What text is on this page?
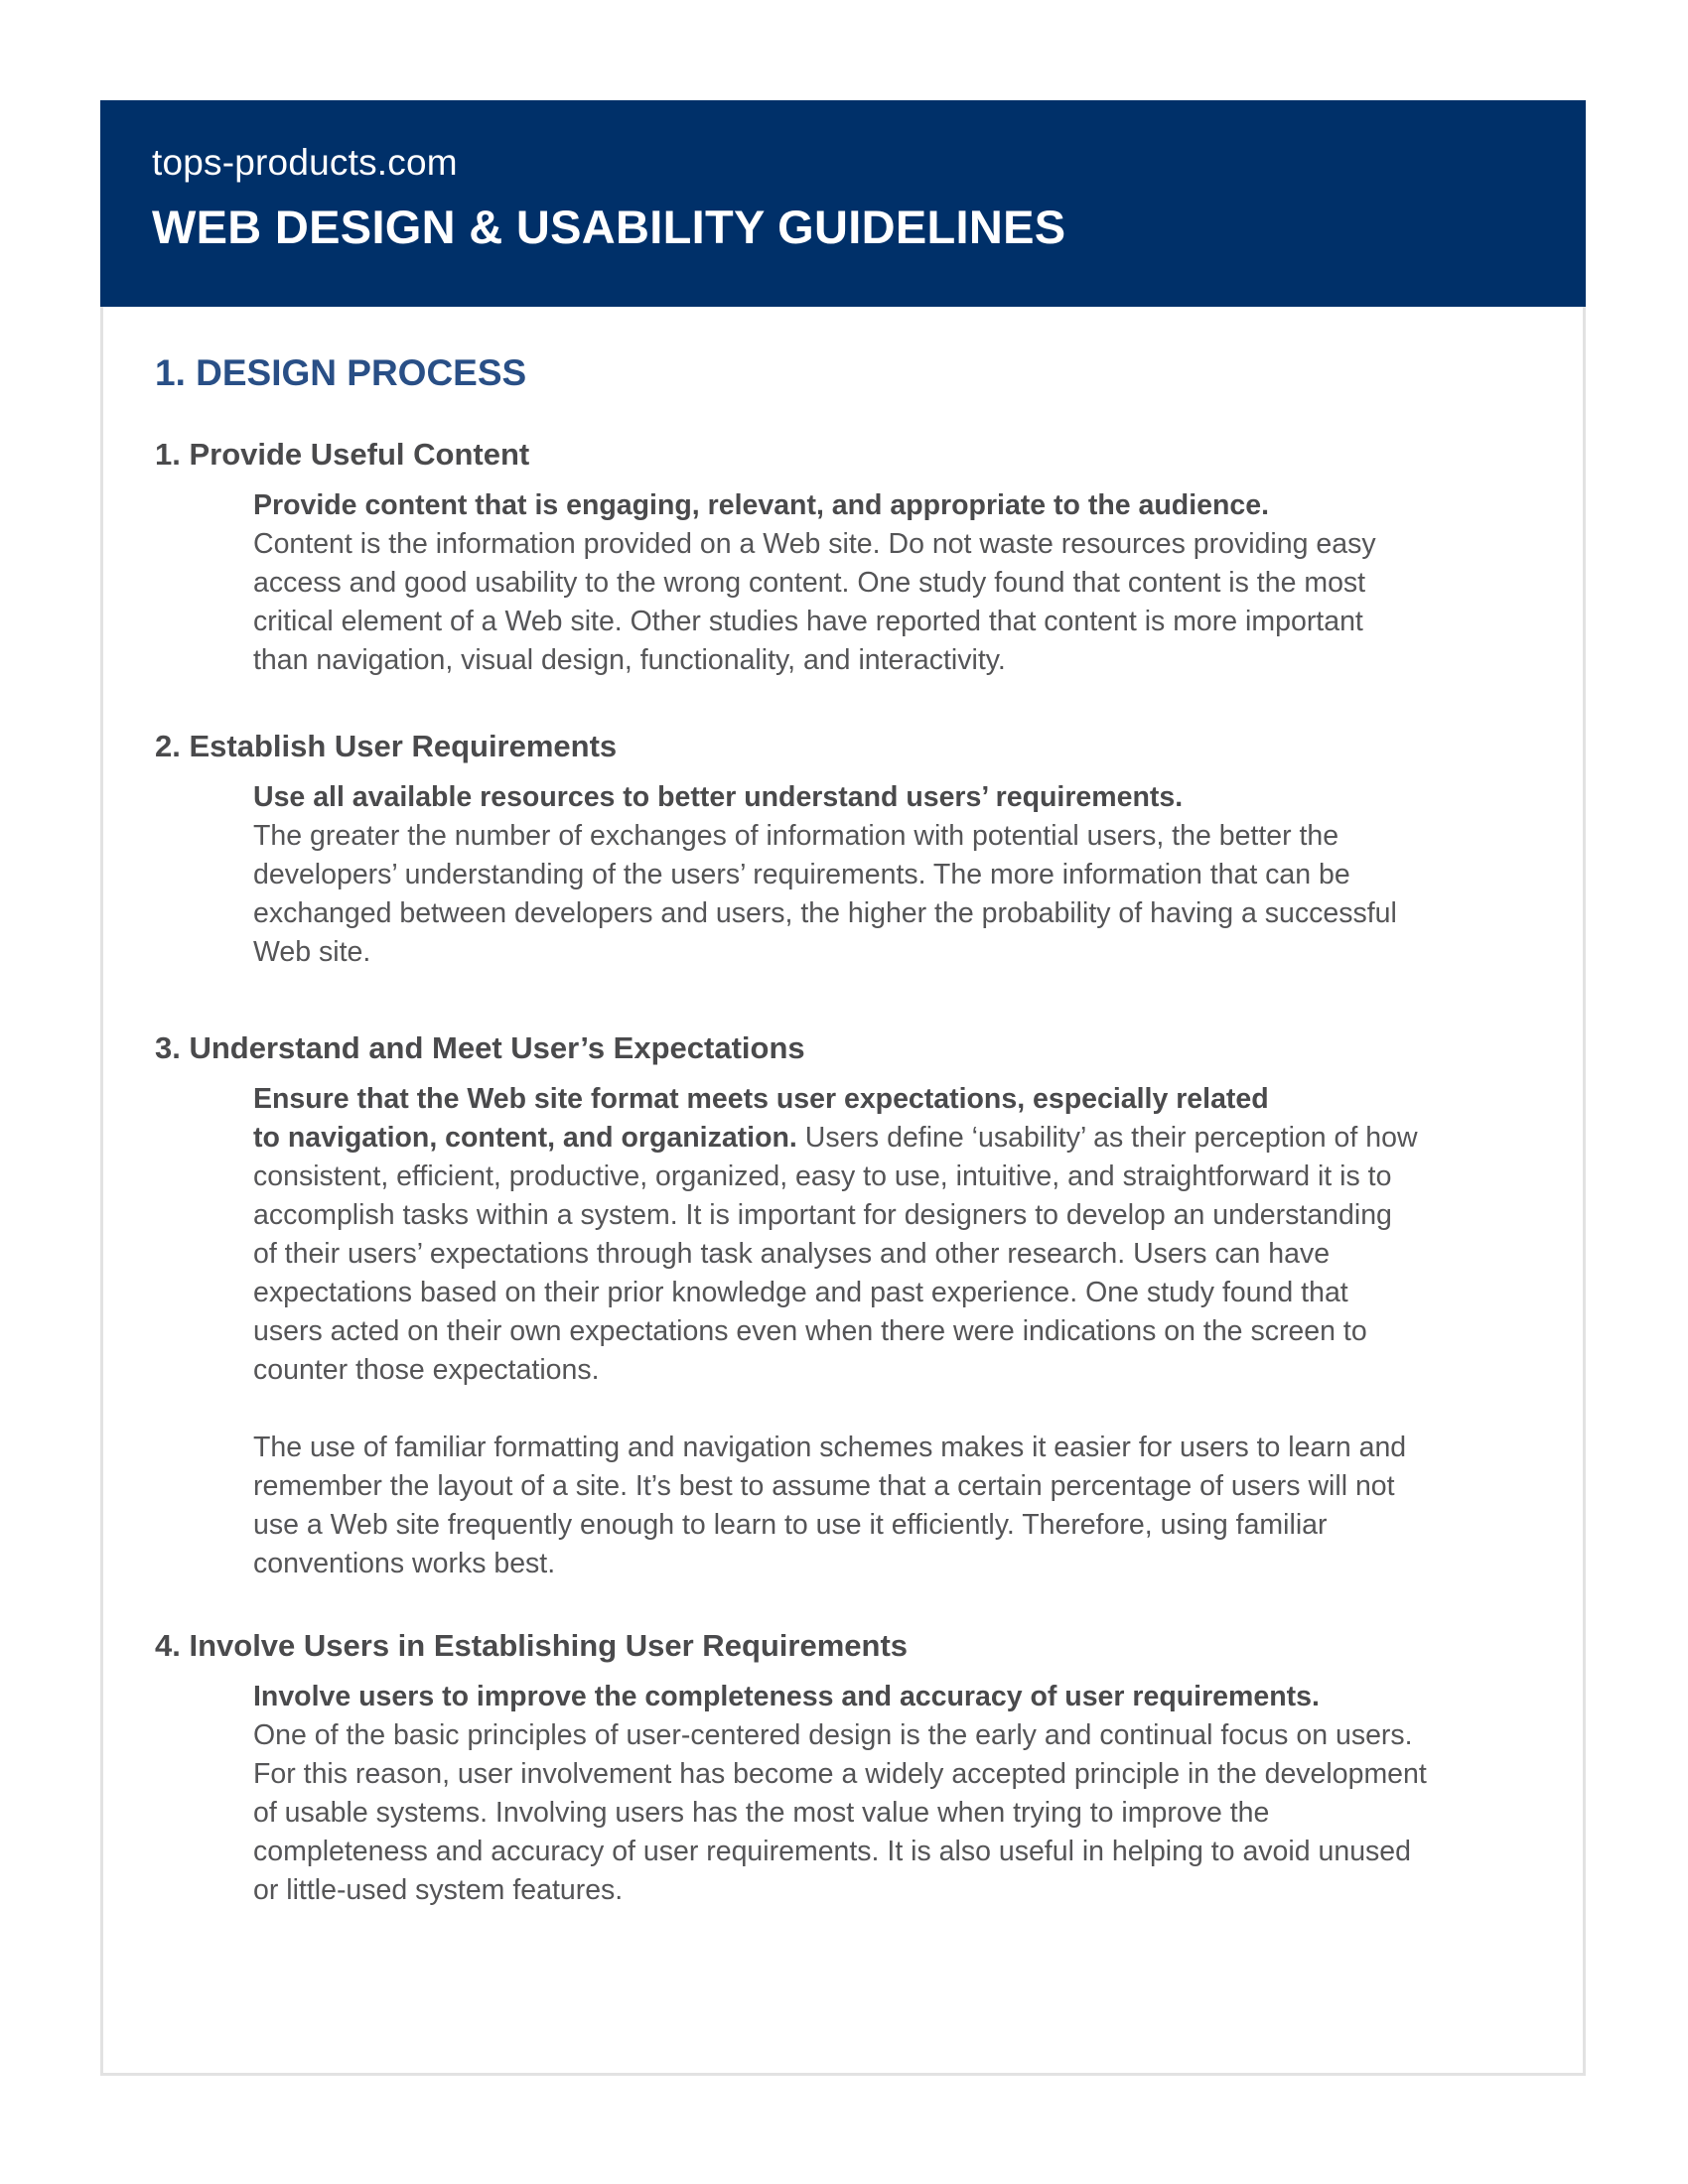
tops-products.com
WEB DESIGN & USABILITY GUIDELINES
1. DESIGN PROCESS
1. Provide Useful Content
Provide content that is engaging, relevant, and appropriate to the audience.
Content is the information provided on a Web site. Do not waste resources providing easy
access and good usability to the wrong content. One study found that content is the most
critical element of a Web site. Other studies have reported that content is more important
than navigation, visual design, functionality, and interactivity.
2. Establish User Requirements
Use all available resources to better understand users’ requirements.
The greater the number of exchanges of information with potential users, the better the
developers’ understanding of the users’ requirements. The more information that can be
exchanged between developers and users, the higher the probability of having a successful
Web site.
3. Understand and Meet User’s Expectations
Ensure that the Web site format meets user expectations, especially related
to navigation, content, and organization. Users define ‘usability’ as their perception of how
consistent, efficient, productive, organized, easy to use, intuitive, and straightforward it is to
accomplish tasks within a system. It is important for designers to develop an understanding
of their users’ expectations through task analyses and other research. Users can have
expectations based on their prior knowledge and past experience. One study found that
users acted on their own expectations even when there were indications on the screen to
counter those expectations.
The use of familiar formatting and navigation schemes makes it easier for users to learn and
remember the layout of a site. It’s best to assume that a certain percentage of users will not
use a Web site frequently enough to learn to use it efficiently. Therefore, using familiar
conventions works best.
4. Involve Users in Establishing User Requirements
Involve users to improve the completeness and accuracy of user requirements.
One of the basic principles of user-centered design is the early and continual focus on users.
For this reason, user involvement has become a widely accepted principle in the development
of usable systems. Involving users has the most value when trying to improve the
completeness and accuracy of user requirements. It is also useful in helping to avoid unused
or little-used system features.
